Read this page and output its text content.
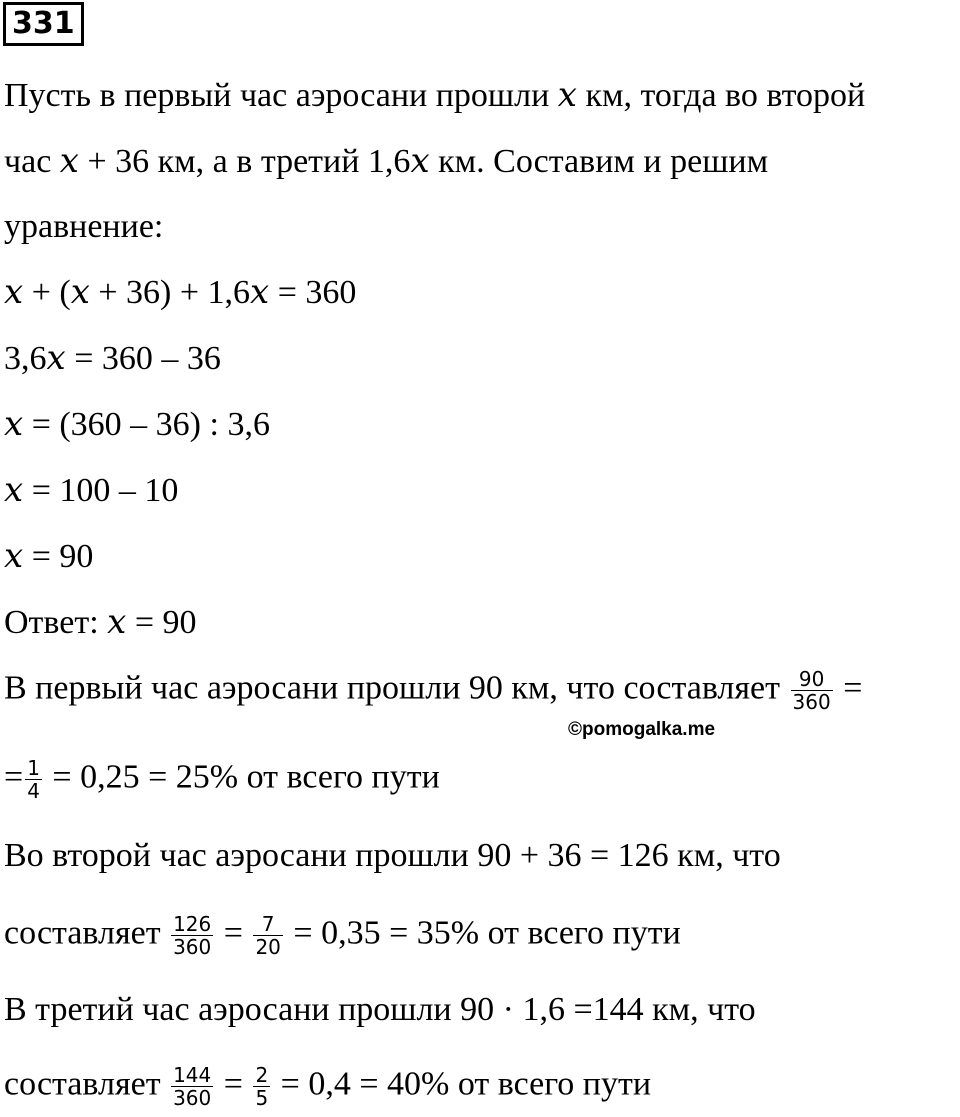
331
Пусть в первый час аэросани прошли x км, тогда во второй
час x + 36 км, а в третий 1,6x км. Составим и решим
уравнение:
x + (x + 36) + 1,6x = 360
3,6x = 360 – 36
x = (360 – 36) : 3,6
x = 100 – 10
x = 90
Ответ: x = 90
В первый час аэросани прошли 90 км, что составляет $\frac{90}{360}$ =
©pomogalka.me
= $\frac{1}{4} = 0,25 = 25\%$ от всего пути
Во второй час аэросани прошли 90 + 36 = 126 км, что
составляет $\frac{126}{360} = \frac{7}{20} = 0,35 = 35\%$ от всего пути
В третий час аэросани прошли 90 · 1,6 =144 км, что
составляет $\frac{144}{360} = \frac{2}{5} = 0,4 = 40\%$ от всего пути
